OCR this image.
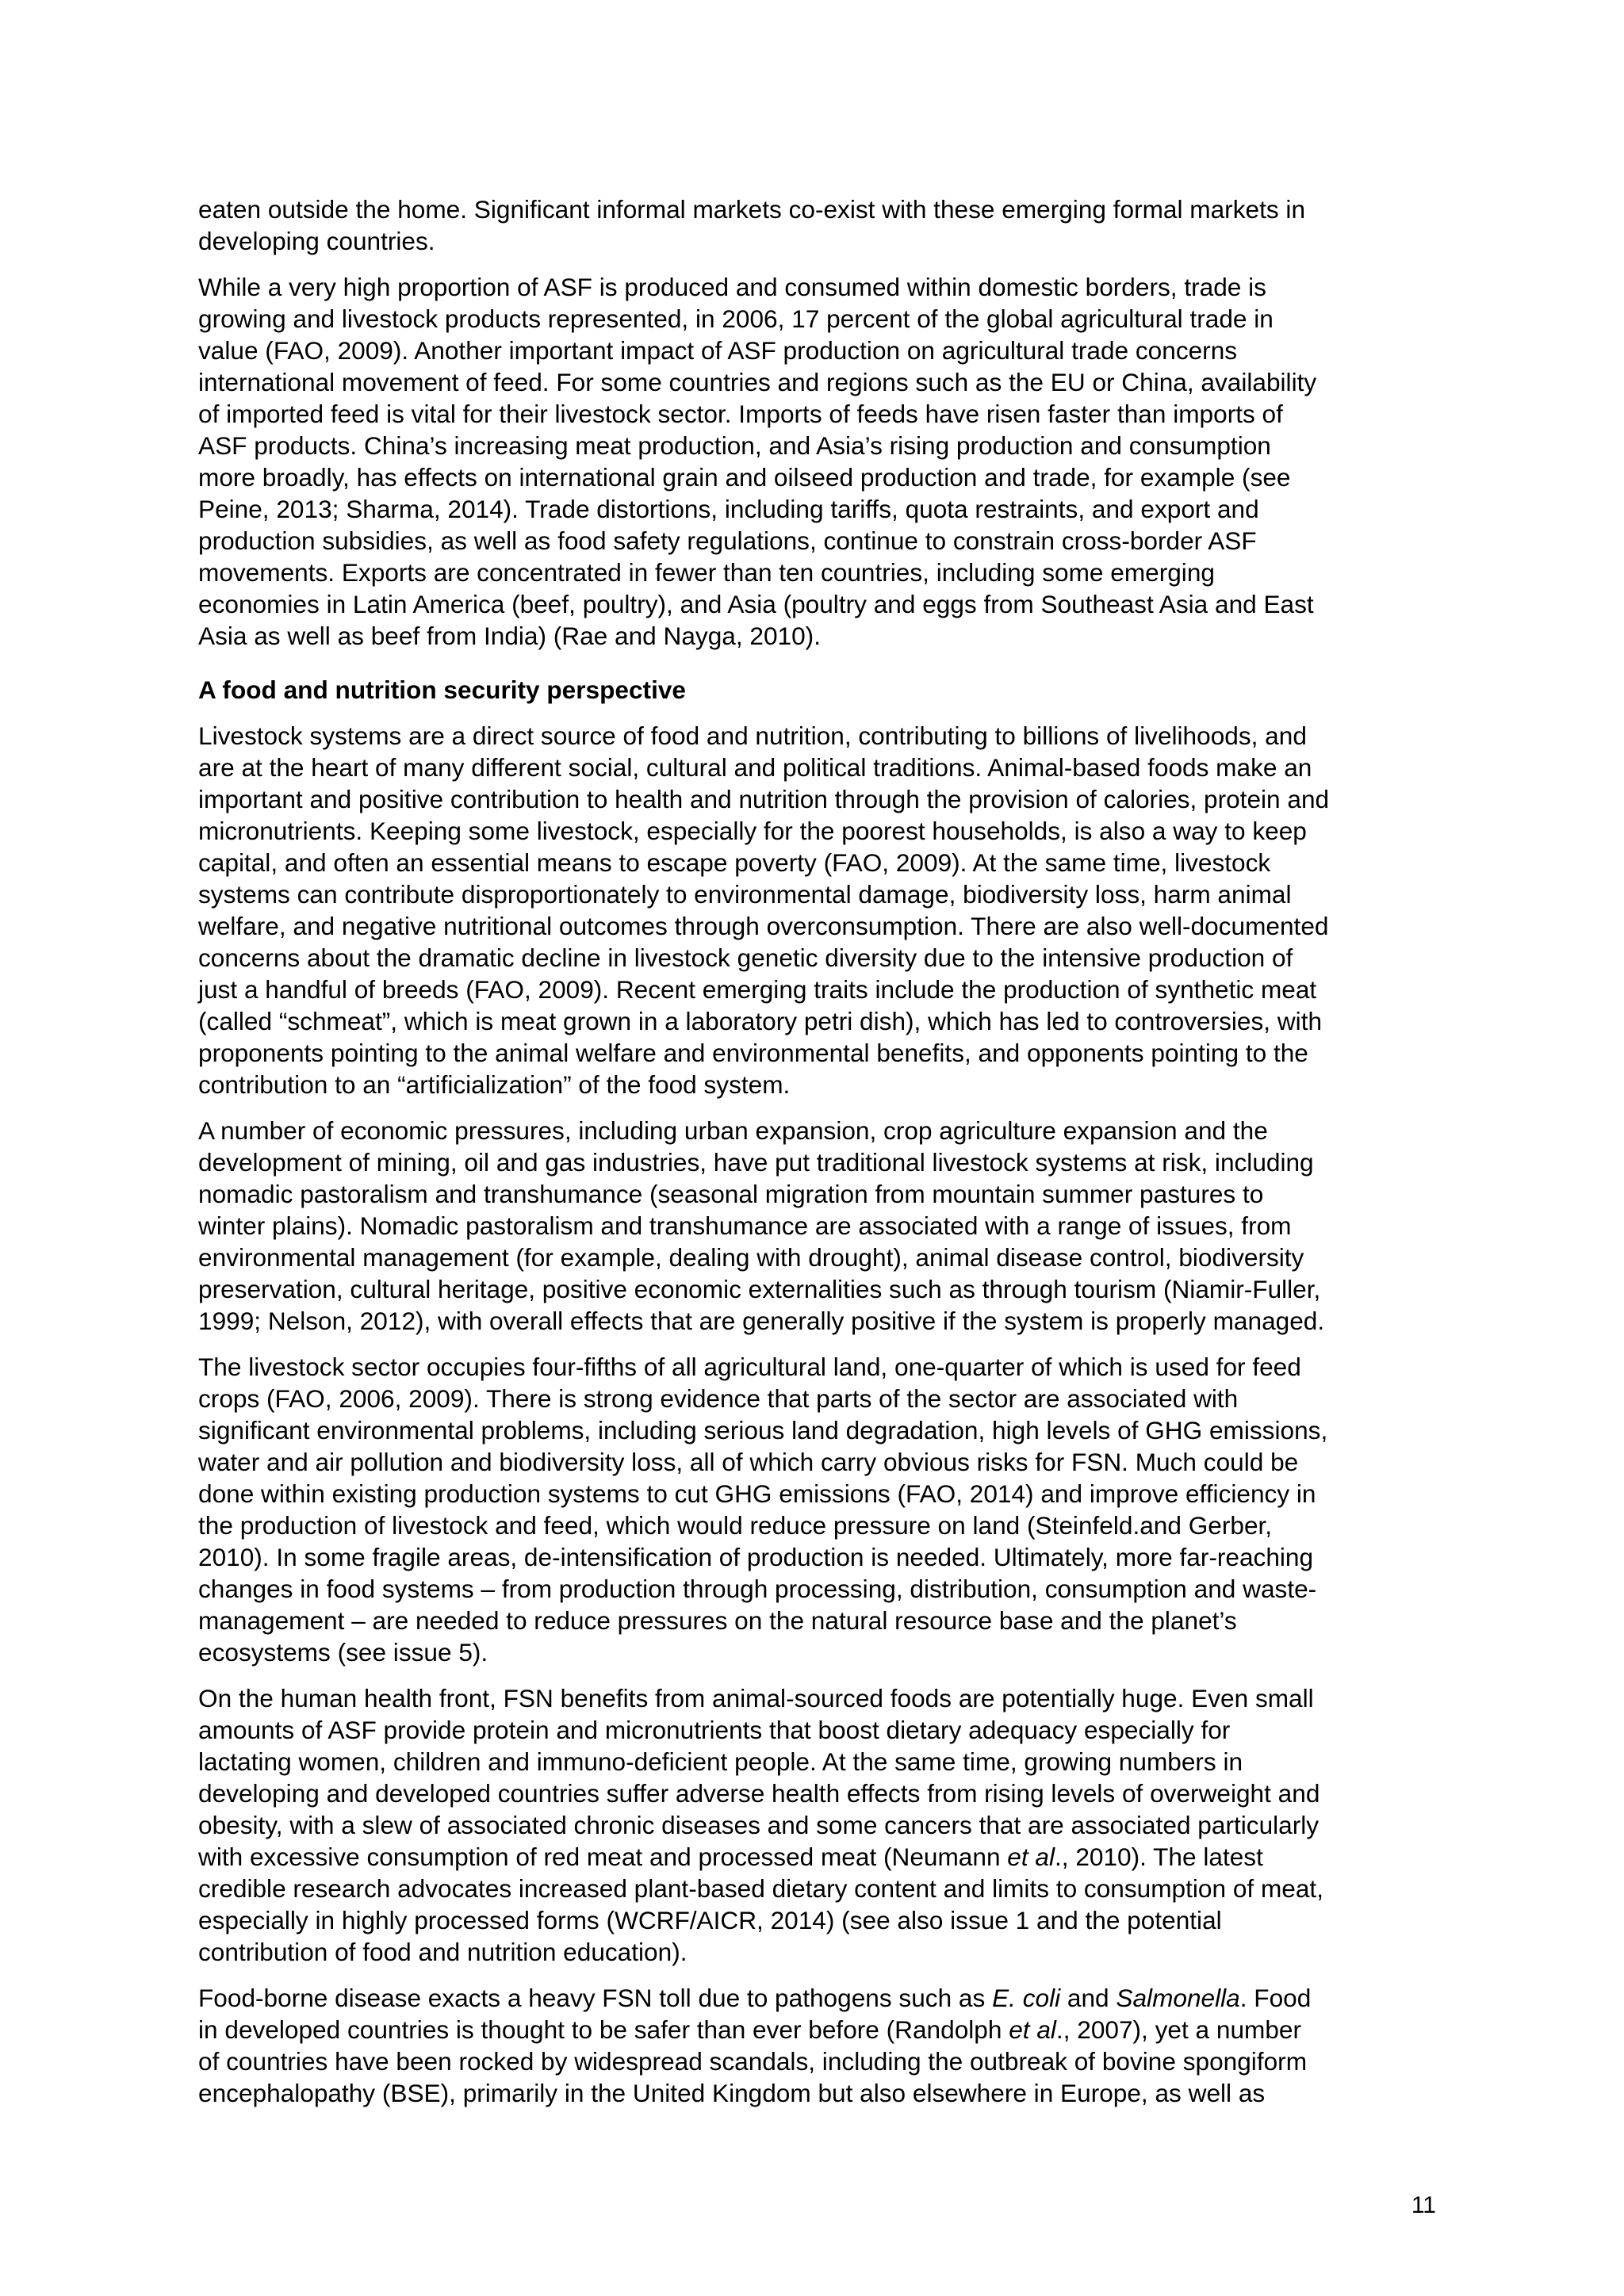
eaten outside the home. Significant informal markets co-exist with these emerging formal markets in
developing countries.

While a very high proportion of ASF is produced and consumed within domestic borders, trade is
growing and livestock products represented, in 2006, 17 percent of the global agricultural trade in
value (FAO, 2009). Another important impact of ASF production on agricultural trade concerns
international movement of feed. For some countries and regions such as the EU or China, availability
of imported feed is vital for their livestock sector. Imports of feeds have risen faster than imports of
ASF products. China’s increasing meat production, and Asia’s rising production and consumption
more broadly, has effects on international grain and oilseed production and trade, for example (see
Peine, 2013; Sharma, 2014). Trade distortions, including tariffs, quota restraints, and export and
production subsidies, as well as food safety regulations, continue to constrain cross-border ASF
movements. Exports are concentrated in fewer than ten countries, including some emerging
economies in Latin America (beef, poultry), and Asia (poultry and eggs from Southeast Asia and East
Asia as well as beef from India) (Rae and Nayga, 2010).

A food and nutrition security perspective

Livestock systems are a direct source of food and nutrition, contributing to billions of livelihoods, and
are at the heart of many different social, cultural and political traditions. Animal-based foods make an
important and positive contribution to health and nutrition through the provision of calories, protein and
micronutrients. Keeping some livestock, especially for the poorest households, is also a way to keep
capital, and often an essential means to escape poverty (FAO, 2009). At the same time, livestock
systems can contribute disproportionately to environmental damage, biodiversity loss, harm animal
welfare, and negative nutritional outcomes through overconsumption. There are also well-documented
concerns about the dramatic decline in livestock genetic diversity due to the intensive production of
just a handful of breeds (FAO, 2009). Recent emerging traits include the production of synthetic meat
(called “schmeat”, which is meat grown in a laboratory petri dish), which has led to controversies, with
proponents pointing to the animal welfare and environmental benefits, and opponents pointing to the
contribution to an “artificialization” of the food system.

A number of economic pressures, including urban expansion, crop agriculture expansion and the
development of mining, oil and gas industries, have put traditional livestock systems at risk, including
nomadic pastoralism and transhumance (seasonal migration from mountain summer pastures to
winter plains). Nomadic pastoralism and transhumance are associated with a range of issues, from
environmental management (for example, dealing with drought), animal disease control, biodiversity
preservation, cultural heritage, positive economic externalities such as through tourism (Niamir-Fuller,
1999; Nelson, 2012), with overall effects that are generally positive if the system is properly managed.

The livestock sector occupies four-fifths of all agricultural land, one-quarter of which is used for feed
crops (FAO, 2006, 2009). There is strong evidence that parts of the sector are associated with
significant environmental problems, including serious land degradation, high levels of GHG emissions,
water and air pollution and biodiversity loss, all of which carry obvious risks for FSN. Much could be
done within existing production systems to cut GHG emissions (FAO, 2014) and improve efficiency in
the production of livestock and feed, which would reduce pressure on land (Steinfeld.and Gerber,
2010). In some fragile areas, de-intensification of production is needed. Ultimately, more far-reaching
changes in food systems – from production through processing, distribution, consumption and waste-
management – are needed to reduce pressures on the natural resource base and the planet’s
ecosystems (see issue 5).

On the human health front, FSN benefits from animal-sourced foods are potentially huge. Even small
amounts of ASF provide protein and micronutrients that boost dietary adequacy especially for
lactating women, children and immuno-deficient people. At the same time, growing numbers in
developing and developed countries suffer adverse health effects from rising levels of overweight and
obesity, with a slew of associated chronic diseases and some cancers that are associated particularly
with excessive consumption of red meat and processed meat (Neumann et al., 2010). The latest
credible research advocates increased plant-based dietary content and limits to consumption of meat,
especially in highly processed forms (WCRF/AICR, 2014) (see also issue 1 and the potential
contribution of food and nutrition education).

Food-borne disease exacts a heavy FSN toll due to pathogens such as E. coli and Salmonella. Food
in developed countries is thought to be safer than ever before (Randolph et al., 2007), yet a number
of countries have been rocked by widespread scandals, including the outbreak of bovine spongiform
encephalopathy (BSE), primarily in the United Kingdom but also elsewhere in Europe, as well as

11
